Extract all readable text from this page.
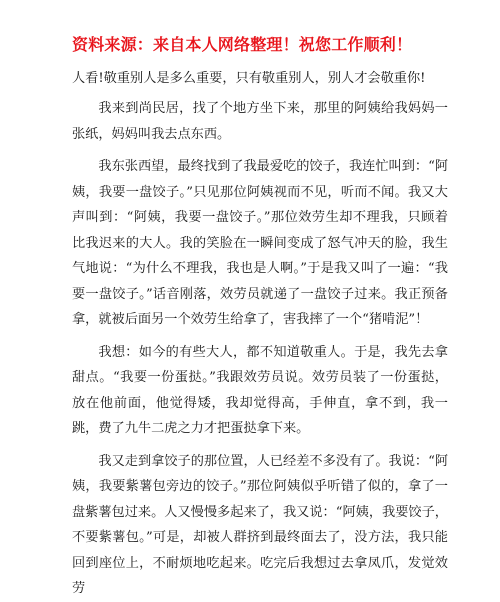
资料来源：来自本人网络整理！祝您工作顺利！
人看!敬重别人是多么重要，只有敬重别人，别人才会敬重你!

我来到尚民居，找了个地方坐下来，那里的阿姨给我妈妈一张纸，妈妈叫我去点东西。

我东张西望，最终找到了我最爱吃的饺子，我连忙叫到：“阿姨，我要一盘饺子。”只见那位阿姨视而不见，听而不闻。我又大声叫到：“阿姨，我要一盘饺子。”那位效劳生却不理我，只顾着比我迟来的大人。我的笑脸在一瞬间变成了怒气冲天的脸，我生气地说：“为什么不理我，我也是人啊。”于是我又叫了一遍：“我要一盘饺子。”话音刚落，效劳员就递了一盘饺子过来。我正预备拿，就被后面另一个效劳生给拿了，害我摔了一个“猪啃泥”！

我想：如今的有些大人，都不知道敬重人。于是，我先去拿甜点。“我要一份蛋挞。”我跟效劳员说。效劳员装了一份蛋挞，放在他前面，他觉得矮，我却觉得高，手伸直，拿不到，我一跳，费了九牛二虎之力才把蛋挞拿下来。

我又走到拿饺子的那位置，人已经差不多没有了。我说：“阿姨，我要紫薯包旁边的饺子。”那位阿姨似乎听错了似的，拿了一盘紫薯包过来。人又慢慢多起来了，我又说：“阿姨，我要饺子，不要紫薯包。”可是，却被人群挤到最终面去了，没方法，我只能回到座位上，不耐烦地吃起来。吃完后我想过去拿凤爪，发觉效劳
